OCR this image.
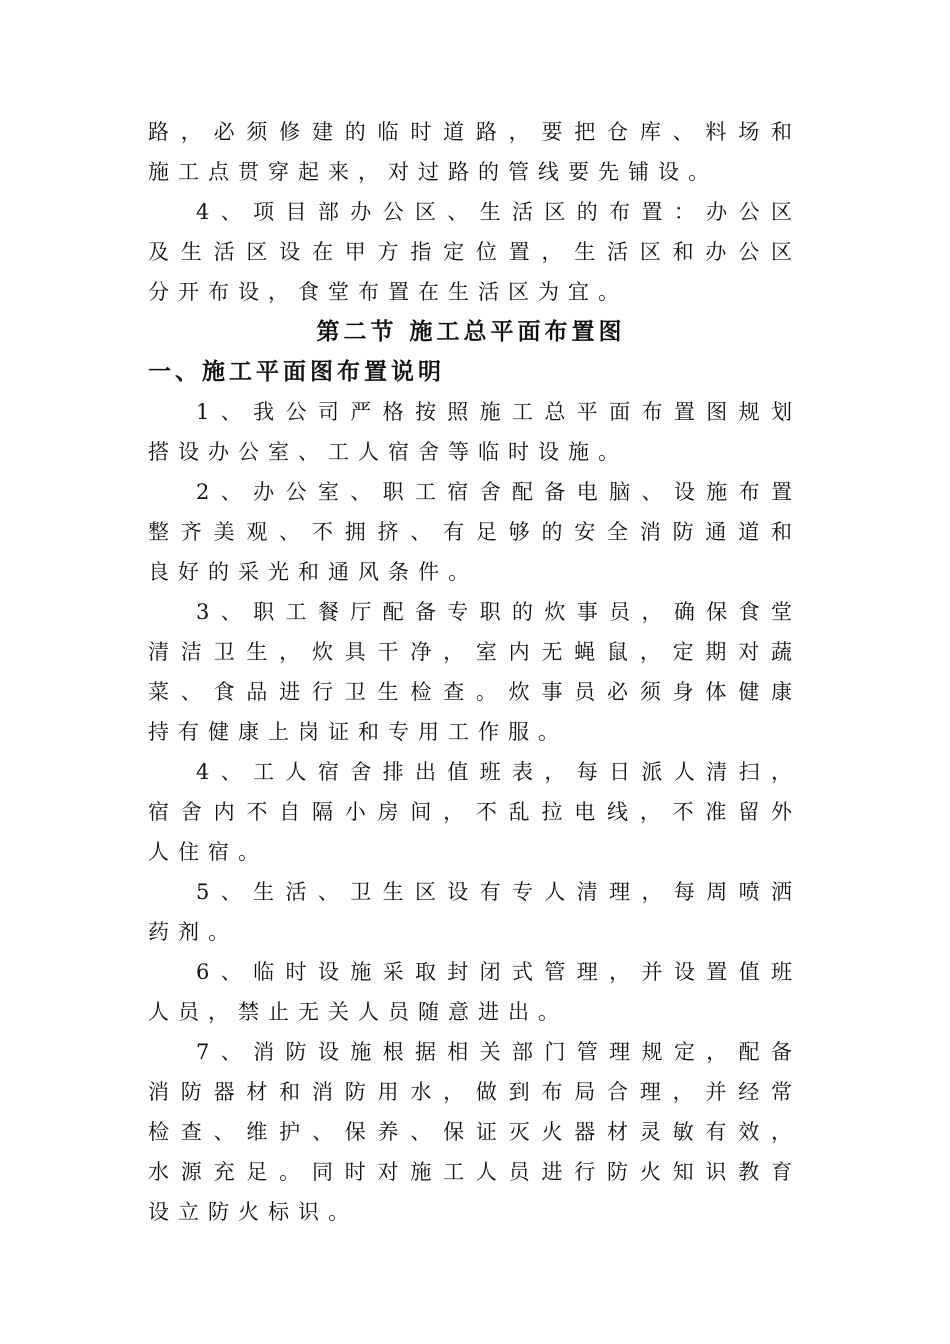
路，必须修建的临时道路，要把仓库、料场和
施工点贯穿起来，对过路的管线要先铺设。
4、项目部办公区、生活区的布置：办公区
及生活区设在甲方指定位置，生活区和办公区
分开布设，食堂布置在生活区为宜。
第二节 施工总平面布置图
一、施工平面图布置说明
1、我公司严格按照施工总平面布置图规划
搭设办公室、工人宿舍等临时设施。
2、办公室、职工宿舍配备电脑、设施布置
整齐美观、不拥挤、有足够的安全消防通道和
良好的采光和通风条件。
3、职工餐厅配备专职的炊事员，确保食堂
清洁卫生，炊具干净，室内无蝇鼠，定期对蔬
菜、食品进行卫生检查。炊事员必须身体健康
持有健康上岗证和专用工作服。
4、工人宿舍排出值班表，每日派人清扫，
宿舍内不自隔小房间，不乱拉电线，不准留外
人住宿。
5、生活、卫生区设有专人清理，每周喷洒
药剂。
6、临时设施采取封闭式管理，并设置值班
人员，禁止无关人员随意进出。
7、消防设施根据相关部门管理规定，配备
消防器材和消防用水，做到布局合理，并经常
检查、维护、保养、保证灭火器材灵敏有效，
水源充足。同时对施工人员进行防火知识教育
设立防火标识。
